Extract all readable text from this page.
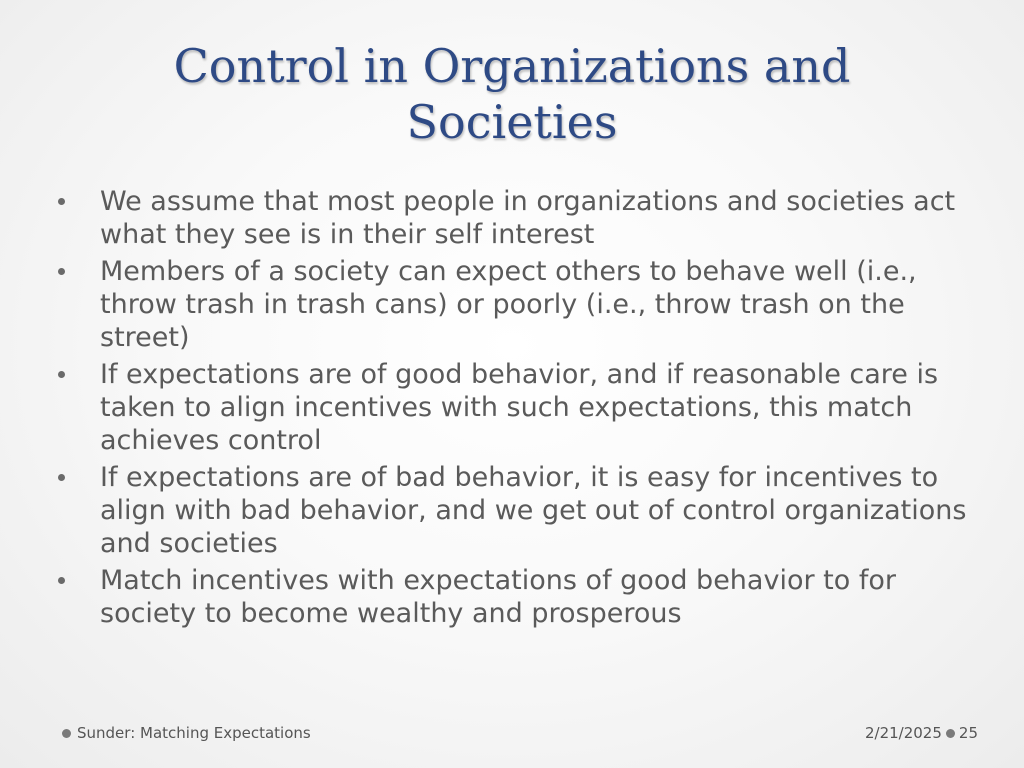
Control in Organizations and Societies
We assume that most people in organizations and societies act what they see is in their self interest
Members of a society can expect others to behave well (i.e., throw trash in trash cans) or poorly (i.e., throw trash on the street)
If expectations are of good behavior, and if reasonable care is taken to align incentives with such expectations, this match achieves control
If expectations are of bad behavior, it is easy for incentives to align with bad behavior, and we get out of control organizations and societies
Match incentives with expectations of good behavior to for society to become wealthy and prosperous
Sunder: Matching Expectations	2/21/2025 25
